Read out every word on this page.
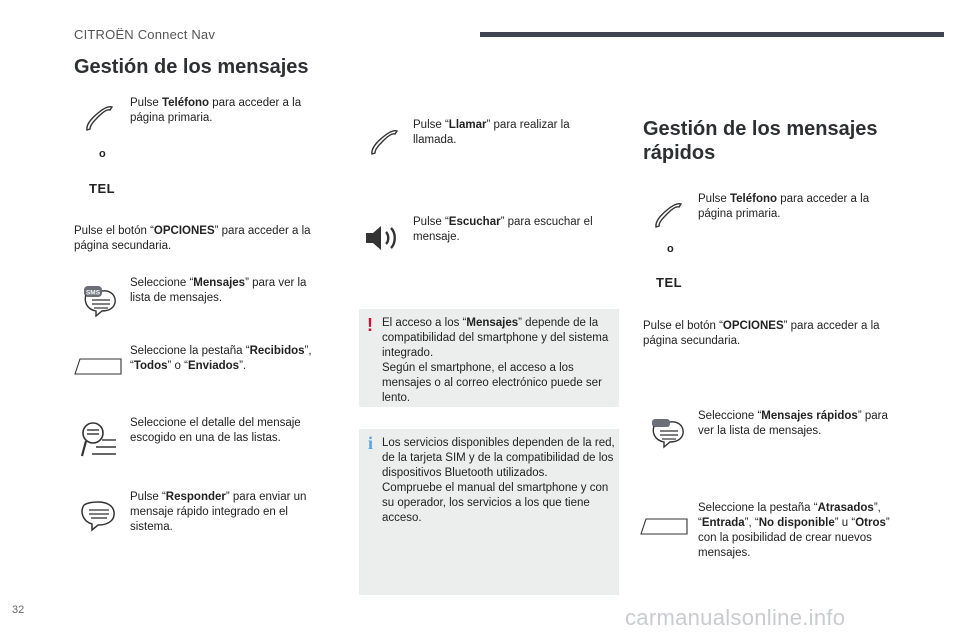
CITROËN Connect Nav
Gestión de los mensajes
Pulse Teléfono para acceder a la página primaria.
o
TEL
Pulse el botón “OPCIONES” para acceder a la página secundaria.
SMS
Seleccione “Mensajes” para ver la lista de mensajes.
Seleccione la pestaña “Recibidos”, “Todos” o “Enviados”.
Seleccione el detalle del mensaje escogido en una de las listas.
Pulse “Responder” para enviar un mensaje rápido integrado en el sistema.
Pulse “Llamar” para realizar la llamada.
Pulse “Escuchar” para escuchar el mensaje.
! El acceso a los “Mensajes” depende de la compatibilidad del smartphone y del sistema integrado.
Según el smartphone, el acceso a los mensajes o al correo electrónico puede ser lento.
i Los servicios disponibles dependen de la red, de la tarjeta SIM y de la compatibilidad de los dispositivos Bluetooth utilizados.
Compruebe el manual del smartphone y con su operador, los servicios a los que tiene acceso.
Gestión de los mensajes rápidos
Pulse Teléfono para acceder a la página primaria.
o
TEL
Pulse el botón “OPCIONES” para acceder a la página secundaria.
Seleccione “Mensajes rápidos” para ver la lista de mensajes.
Seleccione la pestaña “Atrasados”, “Entrada”, “No disponible” u “Otros” con la posibilidad de crear nuevos mensajes.
32	carmanualsonline.info
